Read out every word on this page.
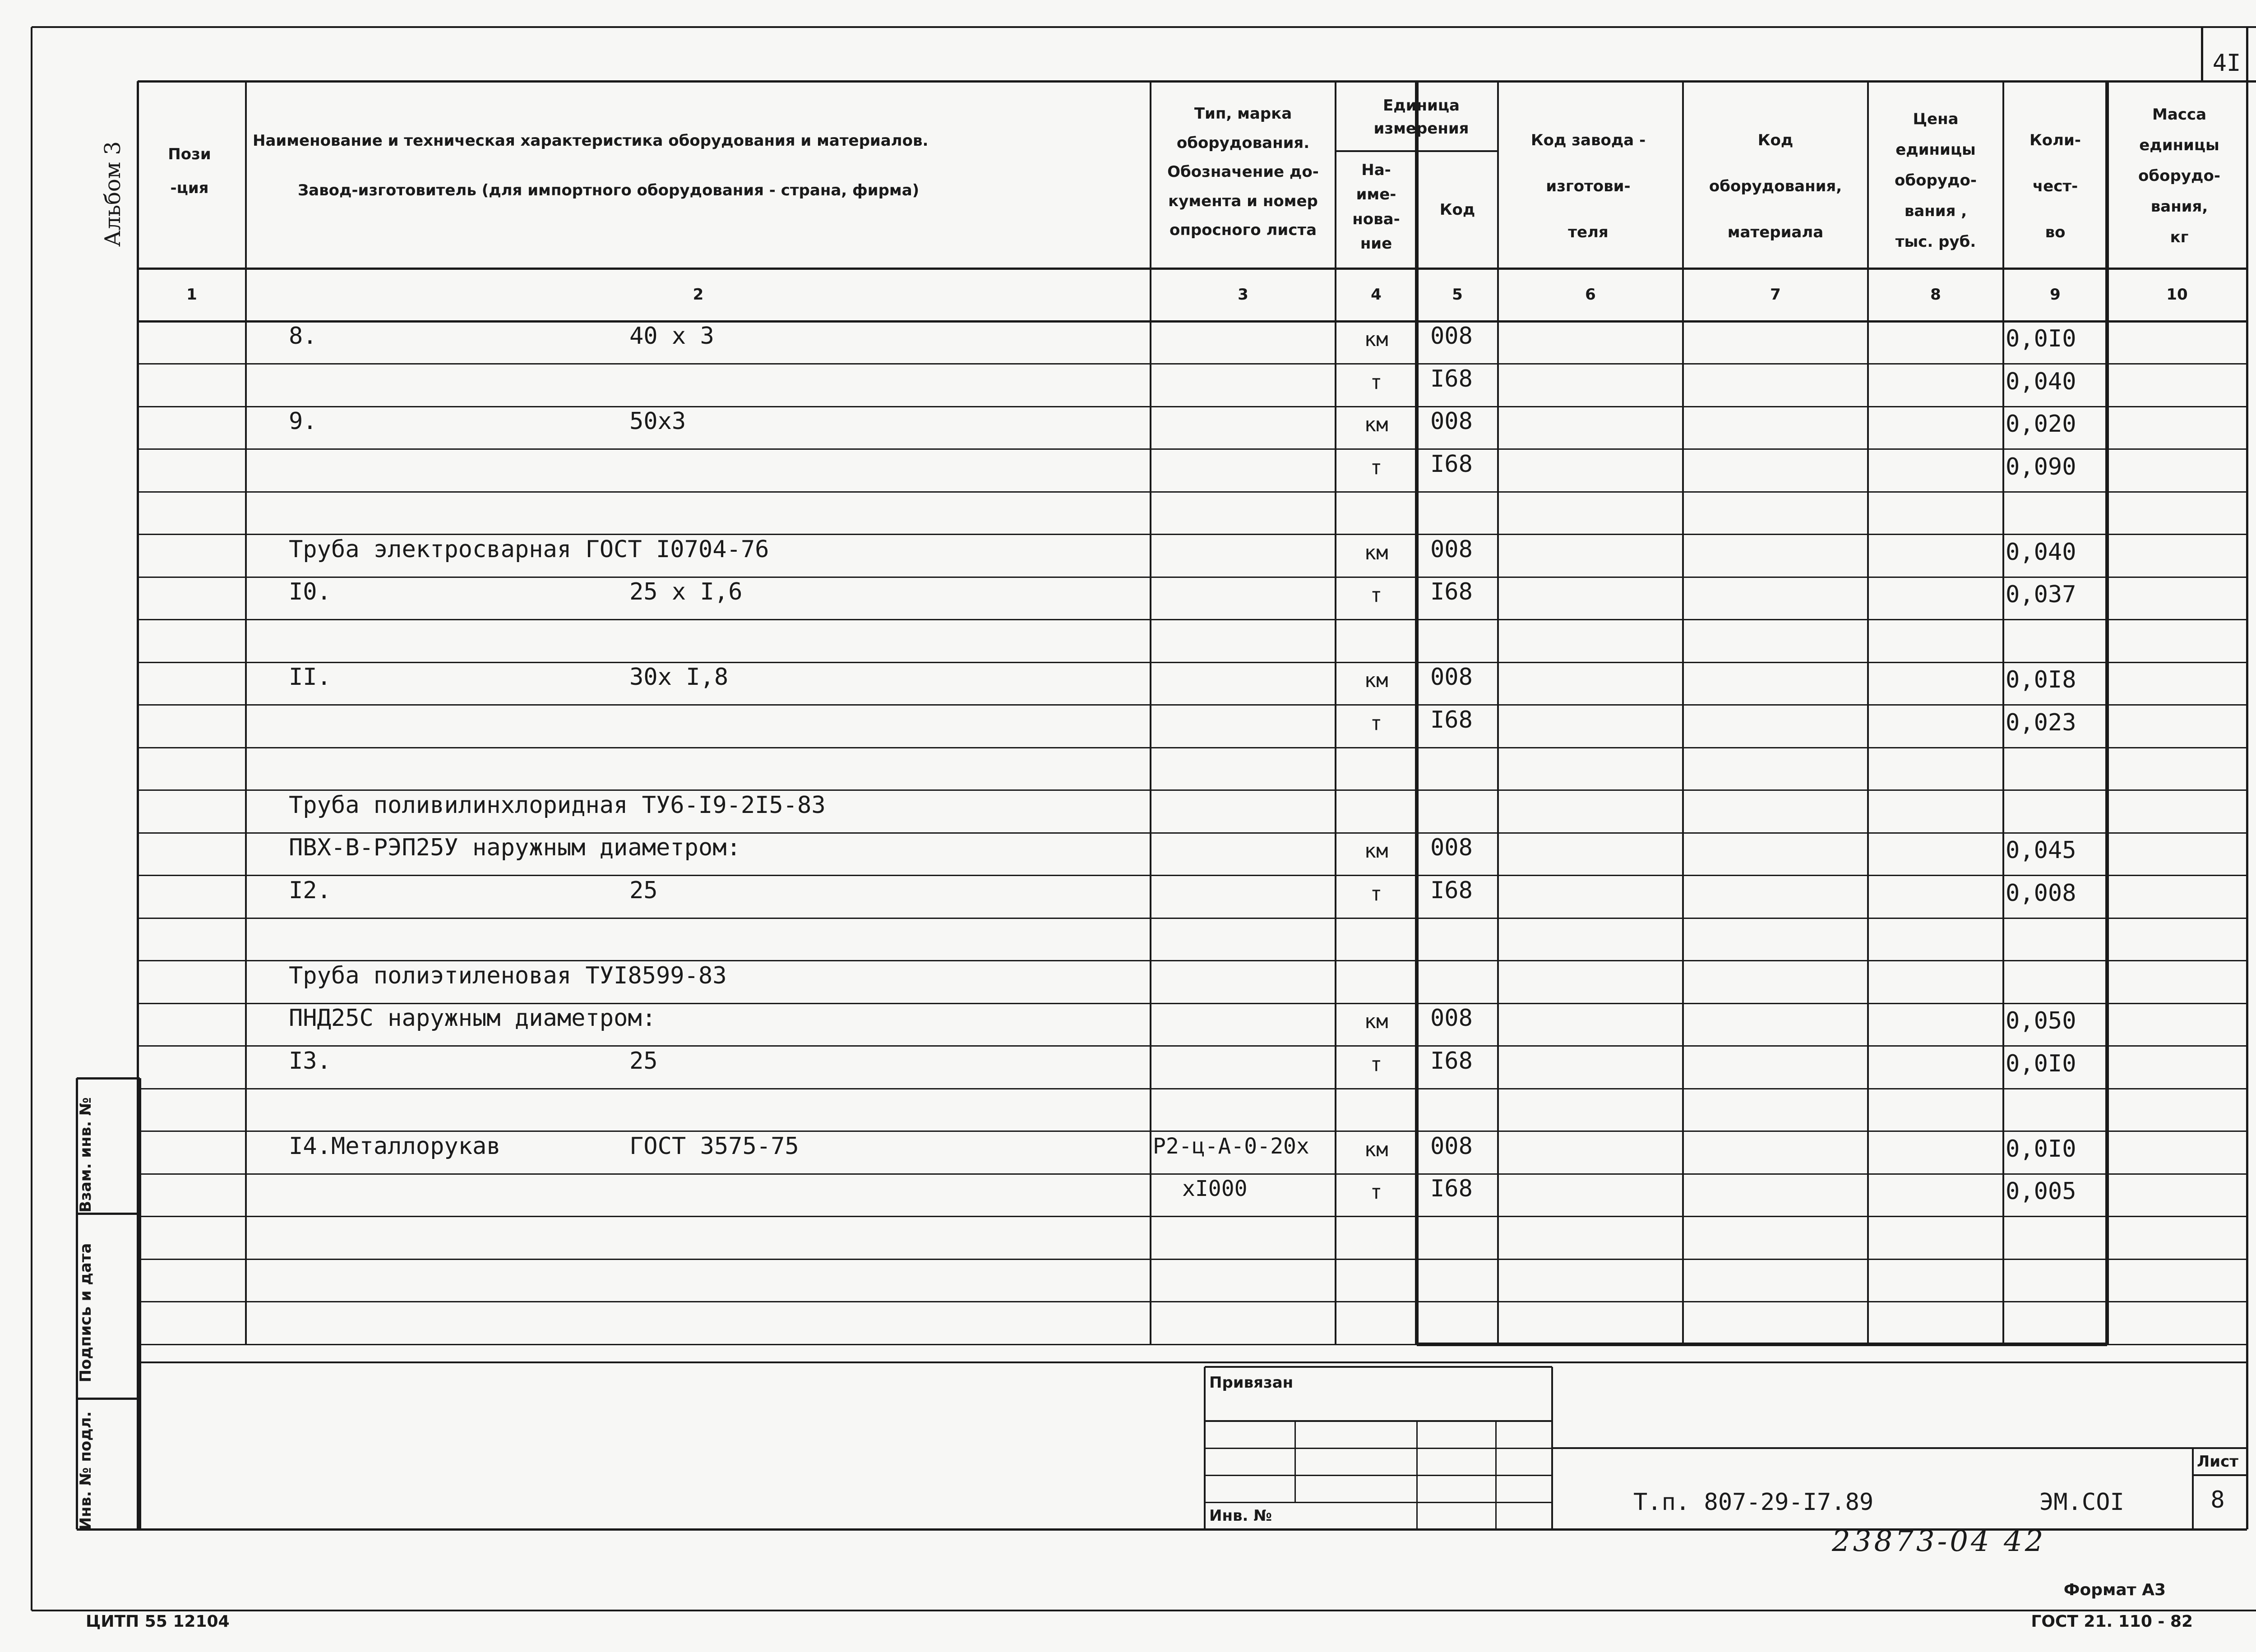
4I
Альбом 3	Пози-ция
Наименование и техническая характеристика оборудования и материалов.
Завод-изготовитель (для импортного оборудования - страна, фирма)
Тип, марка
оборудования.
Обозначение до-
кумента и номер
опросного листа
Единица измерения
На-
име-
нова-
ние
Код
Код завода -
изготови-
теля
Код
оборудования,
материала
Цена
единицы
оборудо-
вания ,
тыс. руб.
Коли-
чест-
во
Масса
единицы
оборудо-
вания,
кг
1	2	3	4	5	6	7	8	9	10
8.	40 х 3	км	008	0,0I0
т	I68	0,040
9.	50х3	км	008	0,020
т	I68	0,090
Труба электросварная ГОСТ I0704-76	км	008	0,040
I0.	25 х I,6	т	I68	0,037
II.	30х I,8	км	008	0,0I8
т	I68	0,023
Труба поливилинхлоридная ТУ6-I9-2I5-83
ПВХ-В-РЭП25У наружным диаметром:	км	008	0,045
I2.	25	т	I68	0,008
Труба полиэтиленовая ТУI8599-83
ПНД25С наружным диаметром:	км	008	0,050
I3.	25	т	I68	0,0I0
I4.Металлорукав	ГОСТ 3575-75	Р2-ц-А-0-20х	км	008	0,0I0
хI000	т	I68	0,005
Взам. инв. №
Подпись и дата
Инв. № подл.
Привязан
Инв. №	Т.п. 807-29-I7.89	ЭМ.СОI
Лист
8
23873-04 42
ЦИТП 55 12104
Формат А3
ГОСТ 21. 110 - 82
